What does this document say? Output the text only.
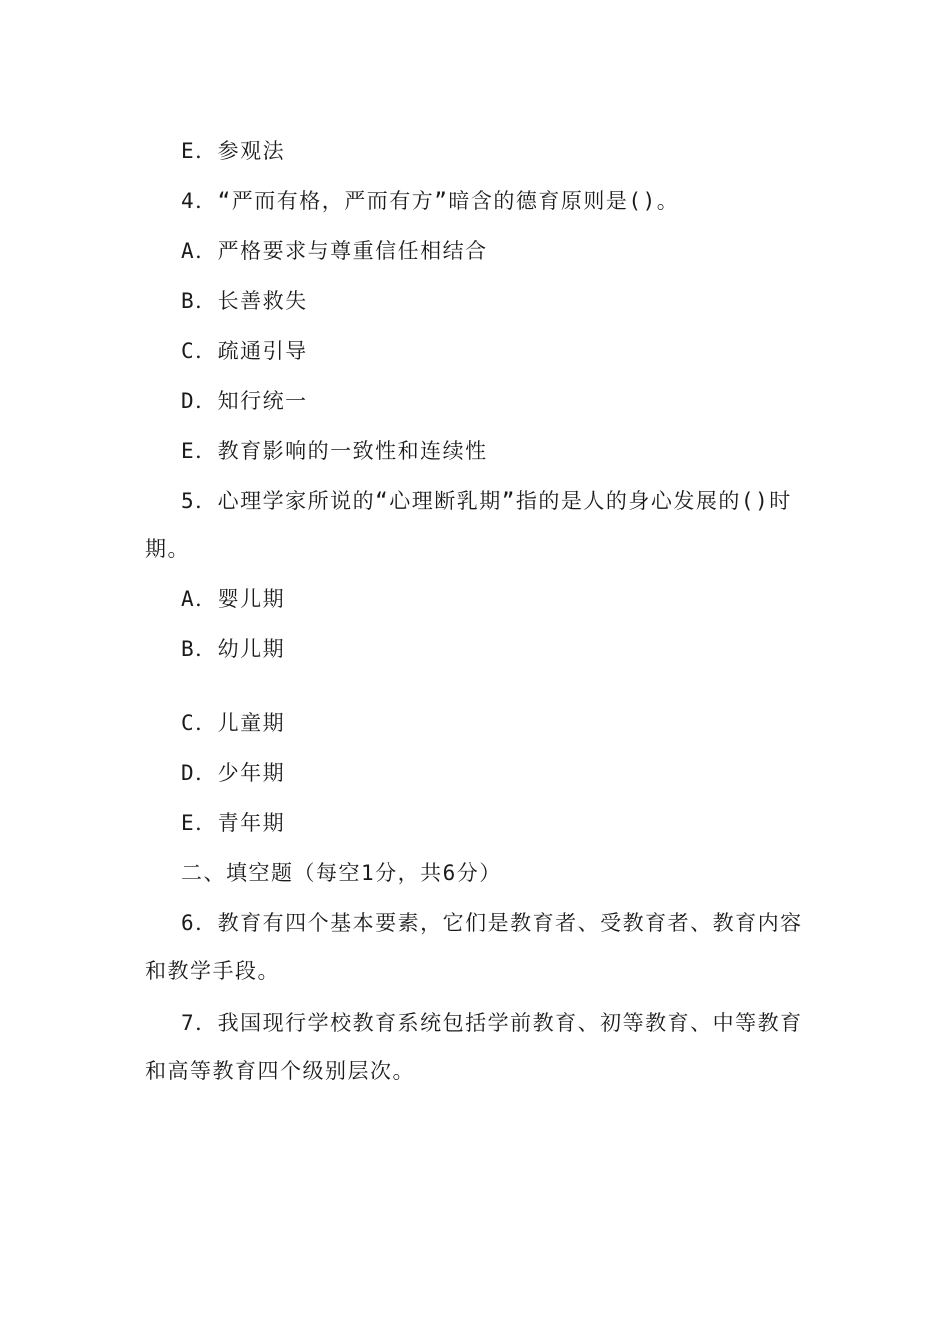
E．参观法
4．“严而有格，严而有方”暗含的德育原则是()。
A．严格要求与尊重信任相结合
B．长善救失
C．疏通引导
D．知行统一
E．教育影响的一致性和连续性
5．心理学家所说的“心理断乳期”指的是人的身心发展的()时
期。
A．婴儿期
B．幼儿期
C．儿童期
D．少年期
E．青年期
二、填空题（每空1分，共6分）
6．教育有四个基本要素，它们是教育者、受教育者、教育内容
和教学手段。
7．我国现行学校教育系统包括学前教育、初等教育、中等教育
和高等教育四个级别层次。
